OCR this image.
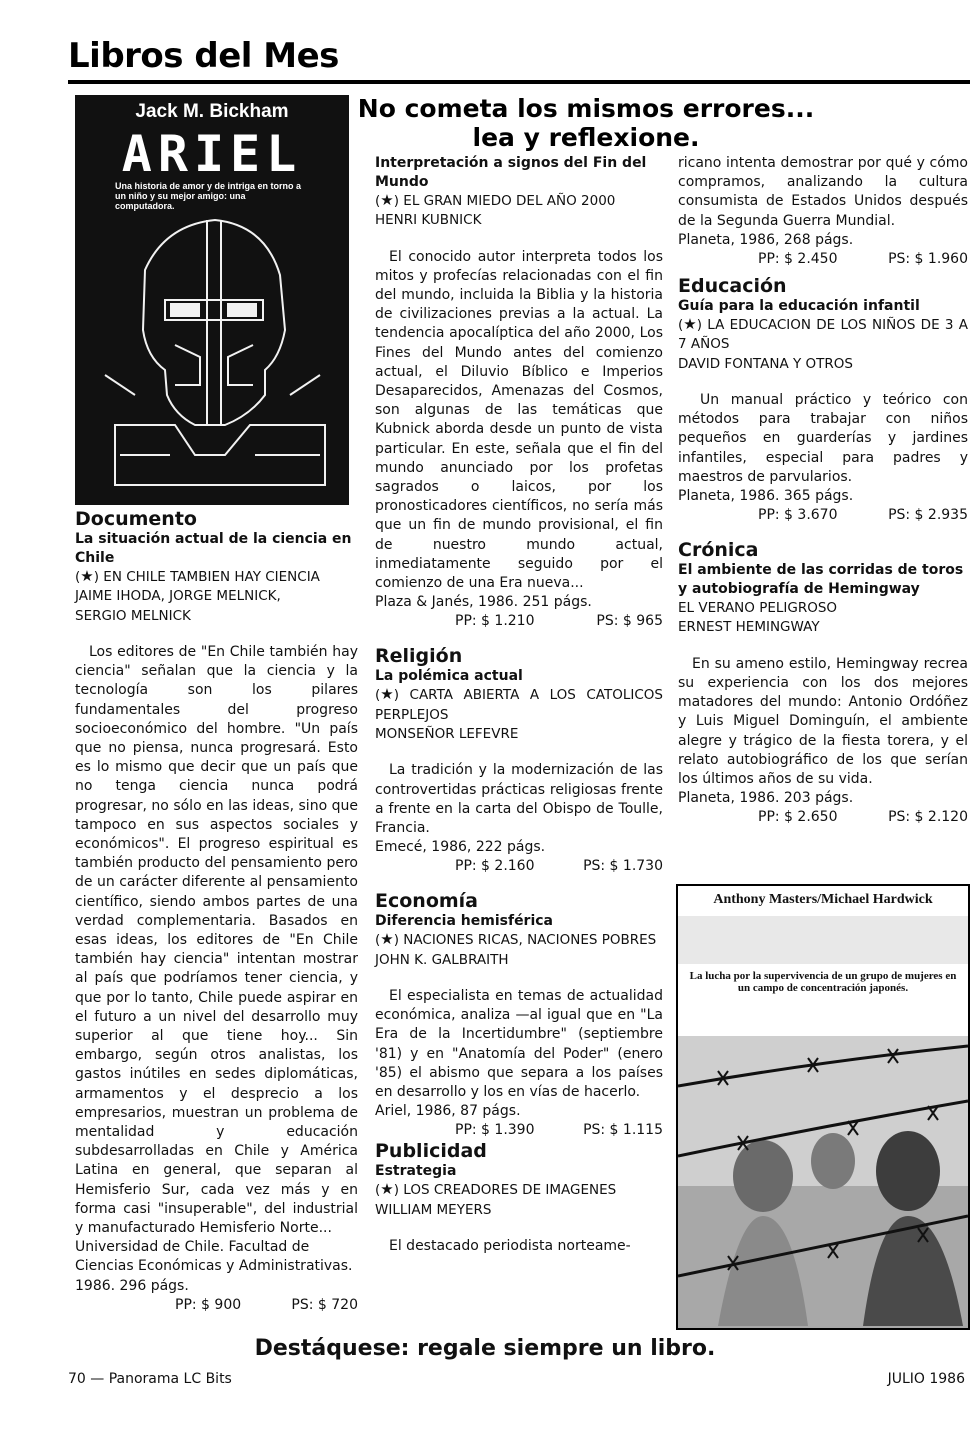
Libros del Mes
No cometa los mismos errores... lea y reflexione.
Jack M. Bickham
ARIEL
Una historia de amor y de intriga en torno a un niño y su mejor amigo: una computadora.
Documento
La situación actual de la ciencia en Chile

(★) EN CHILE TAMBIEN HAY CIENCIA

JAIME IHODA, JORGE MELNICK,

SERGIO MELNICK

Los editores de "En Chile también hay ciencia" señalan que la ciencia y la tecnología son los pilares fundamentales del progreso socioeconómico del hombre. "Un país que no piensa, nunca progresará. Esto es lo mismo que decir que un país que no tenga ciencia nunca podrá progresar, no sólo en las ideas, sino que tampoco en sus aspectos sociales y económicos". El progreso espiritual es también producto del pensamiento pero de un carácter diferente al pensamiento científico, siendo ambos partes de una verdad complementaria. Basados en esas ideas, los editores de "En Chile también hay ciencia" intentan mostrar al país que podríamos tener ciencia, y que por lo tanto, Chile puede aspirar en el futuro a un nivel del desarrollo muy superior al que tiene hoy... Sin embargo, según otros analistas, los gastos inútiles en sedes diplomáticas, armamentos y el desprecio a los empresarios, muestran un problema de mentalidad y educación subdesarrolladas en Chile y América Latina en general, que separan al Hemisferio Sur, cada vez más y en forma casi "insuperable", del industrial y manufacturado Hemisferio Norte...

Universidad de Chile. Facultad de Ciencias Económicas y Administrativas. 1986. 296 págs.

PP: $ 900	PS: $ 720
Interpretación a signos del Fin del Mundo

(★) EL GRAN MIEDO DEL AÑO 2000

HENRI KUBNICK

El conocido autor interpreta todos los mitos y profecías relacionadas con el fin del mundo, incluida la Biblia y la historia de civilizaciones previas a la actual. La tendencia apocalíptica del año 2000, Los Fines del Mundo antes del comienzo actual, el Diluvio Bíblico e Imperios Desaparecidos, Amenazas del Cosmos, son algunas de las temáticas que Kubnick aborda desde un punto de vista particular. En este, señala que el fin del mundo anunciado por los profetas sagrados o laicos, por los pronosticadores científicos, no sería más que un fin de mundo provisional, el fin de nuestro mundo actual, inmediatamente seguido por el comienzo de una Era nueva...

Plaza & Janés, 1986. 251 págs.

PP: $ 1.210	PS: $ 965
Religión
La polémica actual

(★) CARTA ABIERTA A LOS CATOLICOS PERPLEJOS

MONSEÑOR LEFEVRE

La tradición y la modernización de las controvertidas prácticas religiosas frente a frente en la carta del Obispo de Toulle, Francia.

Emecé, 1986, 222 págs.

PP: $ 2.160	PS: $ 1.730
Economía
Diferencia hemisférica

(★) NACIONES RICAS, NACIONES POBRES

JOHN K. GALBRAITH

El especialista en temas de actualidad económica, analiza —al igual que en "La Era de la Incertidumbre" (septiembre '81) y en "Anatomía del Poder" (enero '85) el abismo que separa a los países en desarrollo y los en vías de hacerlo.

Ariel, 1986, 87 págs.

PP: $ 1.390	PS: $ 1.115
Publicidad
Estrategia

(★) LOS CREADORES DE IMAGENES

WILLIAM MEYERS

El destacado periodista norteame-

ricano intenta demostrar por qué y cómo compramos, analizando la cultura consumista de Estados Unidos después de la Segunda Guerra Mundial.

Planeta, 1986, 268 págs.

PP: $ 2.450	PS: $ 1.960
Educación
Guía para la educación infantil

(★) LA EDUCACION DE LOS NIÑOS DE 3 A 7 AÑOS

DAVID FONTANA Y OTROS

Un manual práctico y teórico con métodos para trabajar con niños pequeños en guarderías y jardines infantiles, especial para padres y maestros de parvularios.

Planeta, 1986. 365 págs.

PP: $ 3.670	PS: $ 2.935
Crónica
El ambiente de las corridas de toros y autobiografía de Hemingway

EL VERANO PELIGROSO

ERNEST HEMINGWAY

En su ameno estilo, Hemingway recrea su experiencia con los dos mejores matadores del mundo: Antonio Ordóñez y Luis Miguel Dominguín, el ambiente alegre y trágico de la fiesta torera, y el relato autobiográfico de los que serían los últimos años de su vida.

Planeta, 1986. 203 págs.

PP: $ 2.650	PS: $ 2.120
Anthony Masters/Michael Hardwick
La lucha por la supervivencia de un grupo de mujeres en un campo de concentración japonés.
Destáquese: regale siempre un libro.
70 — Panorama LC Bits	JULIO 1986
